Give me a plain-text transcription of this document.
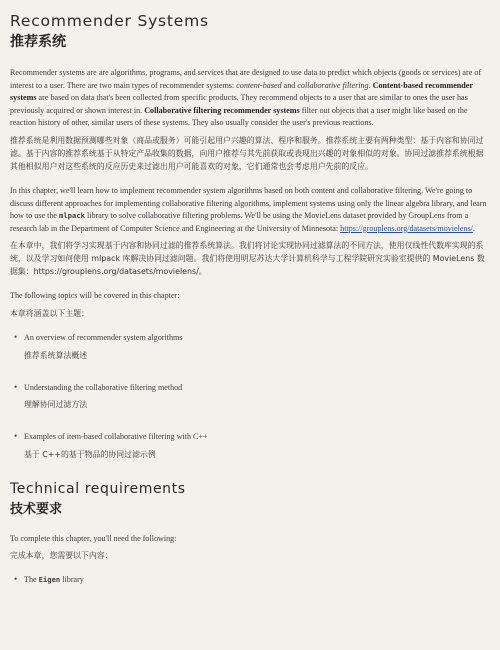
Recommender Systems
推荐系统

Recommender systems are are algorithms, programs, and services that are designed to use data to predict which objects (goods or services) are of interest to a user. There are two main types of recommender systems: content-based and collaborative filtering. Content-based recommender systems are based on data that's been collected from specific products. They recommend objects to a user that are similar to ones the user has previously acquired or shown interest in. Collaborative filtering recommender systems filter out objects that a user might like based on the reaction history of other, similar users of these systems. They also usually consider the user's previous reactions.

推荐系统是利用数据预测哪些对象（商品或服务）可能引起用户兴趣的算法、程序和服务。推荐系统主要有两种类型：基于内容和协同过滤。基于内容的推荐系统基于从特定产品收集的数据，向用户推荐与其先前获取或表现出兴趣的对象相似的对象。协同过滤推荐系统根据其他相似用户对这些系统的反应历史来过滤出用户可能喜欢的对象，它们通常也会考虑用户先前的反应。

In this chapter, we'll learn how to implement recommender system algorithms based on both content and collaborative filtering. We're going to discuss different approaches for implementing collaborative filtering algorithms, implement systems using only the linear algebra library, and learn how to use the mlpack library to solve collaborative filtering problems. We'll be using the MovieLens dataset provided by GroupLens from a research lab in the Department of Computer Science and Engineering at the University of Minnesota: https://grouplens.org/datasets/movielens/.

在本章中，我们将学习实现基于内容和协同过滤的推荐系统算法。我们将讨论实现协同过滤算法的不同方法，使用仅线性代数库实现的系统，以及学习如何使用 mlpack 库解决协同过滤问题。我们将使用明尼苏达大学计算机科学与工程学院研究实验室提供的 MovieLens 数据集：https://grouplens.org/datasets/movielens/。

The following topics will be covered in this chapter:

本章将涵盖以下主题：

• An overview of recommender system algorithms

推荐系统算法概述

• Understanding the collaborative filtering method

理解协同过滤方法

• Examples of item-based collaborative filtering with C++

基于 C++的基于物品的协同过滤示例

Technical requirements
技术要求

To complete this chapter, you'll need the following:

完成本章，您需要以下内容：

• The Eigen library
